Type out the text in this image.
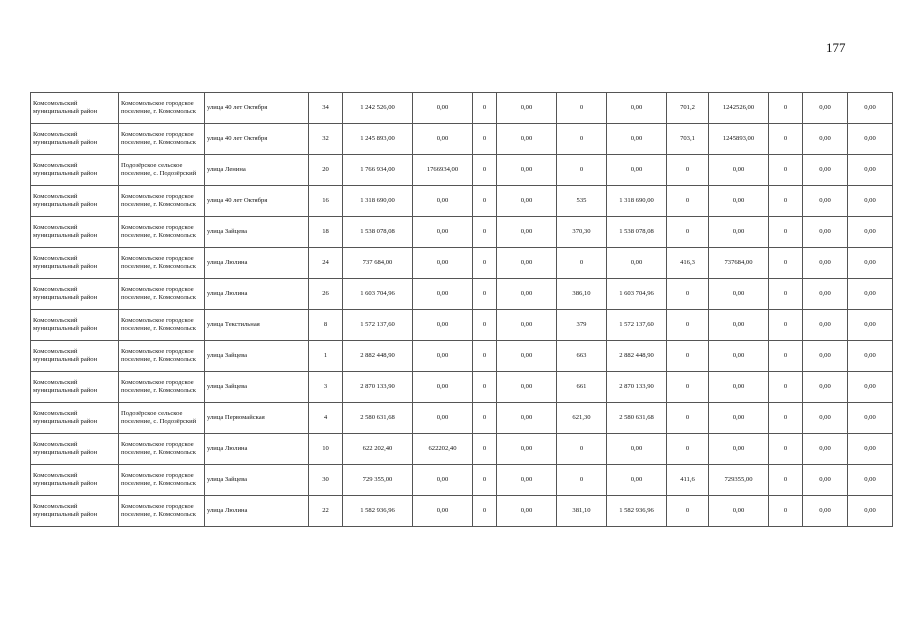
177
Комсомольский муниципальный район	Комсомольское городское поселение, г. Комсомольск	улица 40 лет Октября	34	1 242 526,00	0,00	0	0,00	0	0,00	701,2	1242526,00	0	0,00	0,00
Комсомольский муниципальный район	Комсомольское городское поселение, г. Комсомольск	улица 40 лет Октября	32	1 245 893,00	0,00	0	0,00	0	0,00	703,1	1245893,00	0	0,00	0,00
Комсомольский муниципальный район	Подозёрское сельское поселение, с. Подозёрский	улица Ленина	20	1 766 934,00	1766934,00	0	0,00	0	0,00	0	0,00	0	0,00	0,00
Комсомольский муниципальный район	Комсомольское городское поселение, г. Комсомольск	улица 40 лет Октября	16	1 318 690,00	0,00	0	0,00	535	1 318 690,00	0	0,00	0	0,00	0,00
Комсомольский муниципальный район	Комсомольское городское поселение, г. Комсомольск	улица Зайцева	18	1 538 078,08	0,00	0	0,00	370,30	1 538 078,08	0	0,00	0	0,00	0,00
Комсомольский муниципальный район	Комсомольское городское поселение, г. Комсомольск	улица Люлина	24	737 684,00	0,00	0	0,00	0	0,00	416,3	737684,00	0	0,00	0,00
Комсомольский муниципальный район	Комсомольское городское поселение, г. Комсомольск	улица Люлина	26	1 603 704,96	0,00	0	0,00	386,10	1 603 704,96	0	0,00	0	0,00	0,00
Комсомольский муниципальный район	Комсомольское городское поселение, г. Комсомольск	улица Текстильная	8	1 572 137,60	0,00	0	0,00	379	1 572 137,60	0	0,00	0	0,00	0,00
Комсомольский муниципальный район	Комсомольское городское поселение, г. Комсомольск	улица Зайцева	1	2 882 448,90	0,00	0	0,00	663	2 882 448,90	0	0,00	0	0,00	0,00
Комсомольский муниципальный район	Комсомольское городское поселение, г. Комсомольск	улица Зайцева	3	2 870 133,90	0,00	0	0,00	661	2 870 133,90	0	0,00	0	0,00	0,00
Комсомольский муниципальный район	Подозёрское сельское поселение, с. Подозёрский	улица Первомайская	4	2 580 631,68	0,00	0	0,00	621,30	2 580 631,68	0	0,00	0	0,00	0,00
Комсомольский муниципальный район	Комсомольское городское поселение, г. Комсомольск	улица Люлина	10	622 202,40	622202,40	0	0,00	0	0,00	0	0,00	0	0,00	0,00
Комсомольский муниципальный район	Комсомольское городское поселение, г. Комсомольск	улица Зайцева	30	729 355,00	0,00	0	0,00	0	0,00	411,6	729355,00	0	0,00	0,00
Комсомольский муниципальный район	Комсомольское городское поселение, г. Комсомольск	улица Люлина	22	1 582 936,96	0,00	0	0,00	381,10	1 582 936,96	0	0,00	0	0,00	0,00
